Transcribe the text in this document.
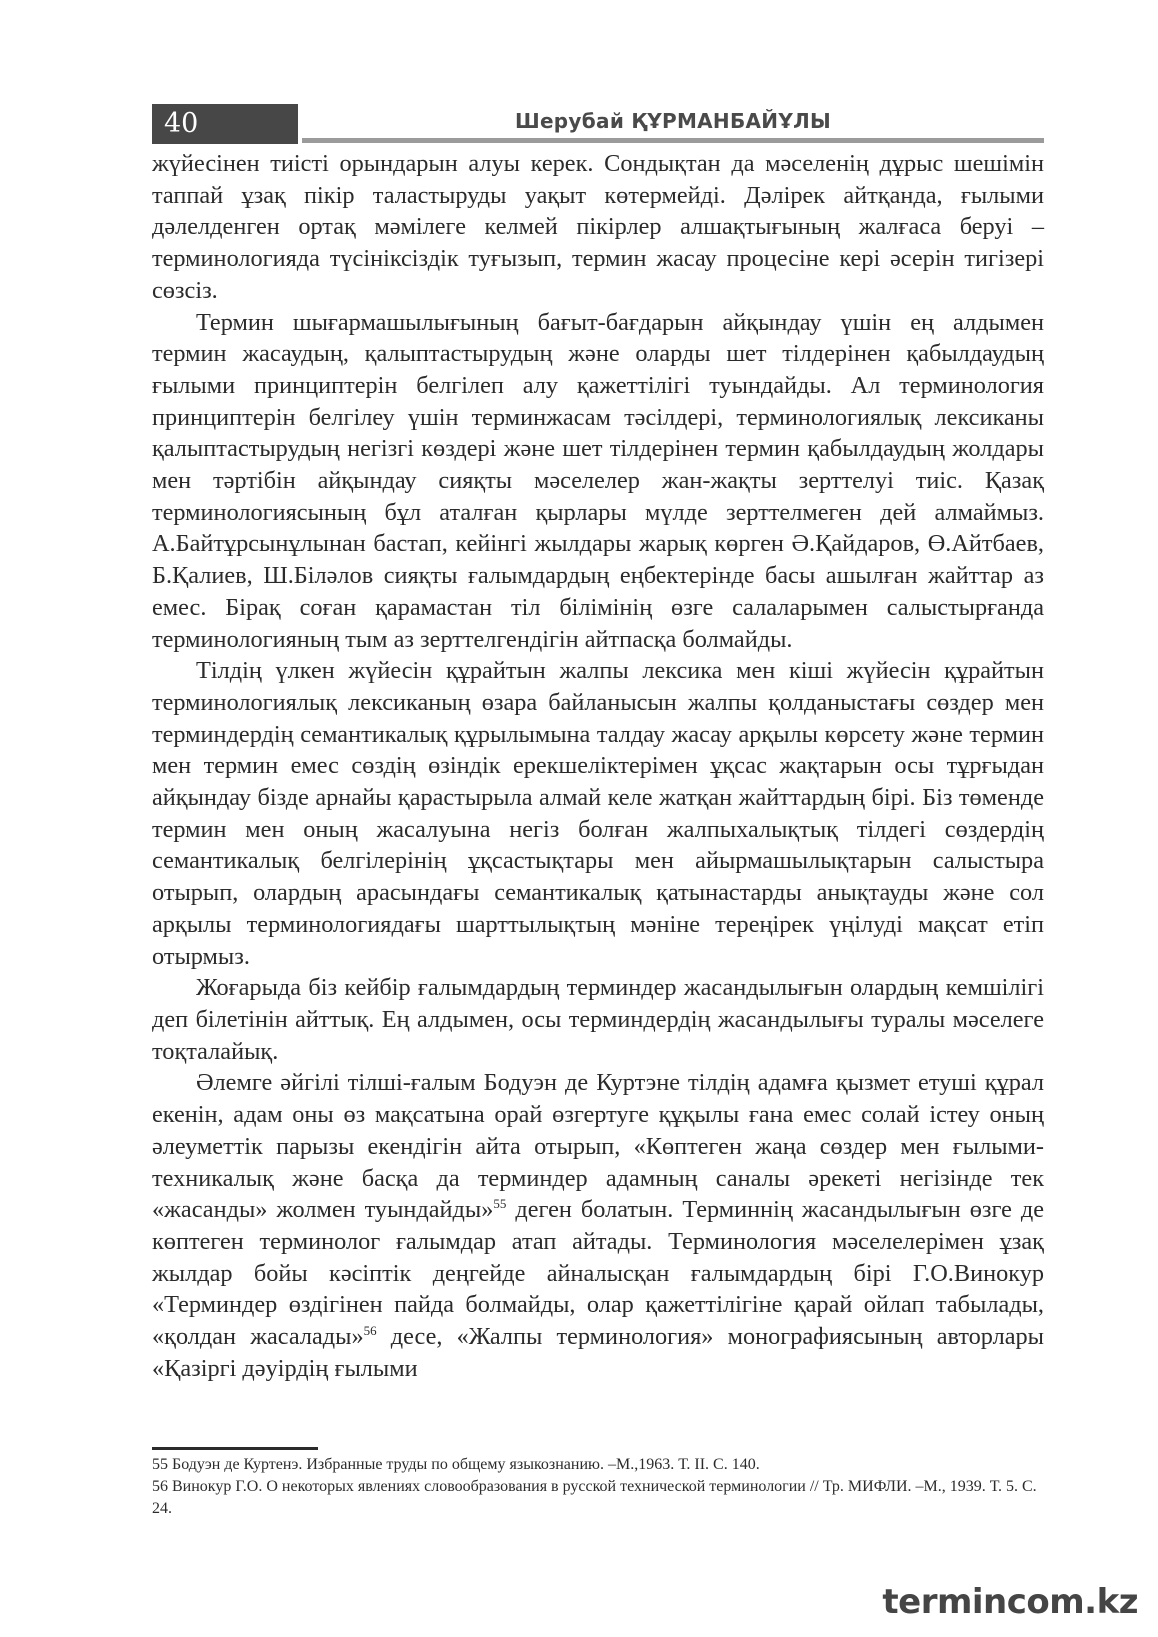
40	Шерубай ҚҰРМАНБАЙҰЛЫ

жүйесінен тиісті орындарын алуы керек. Сондықтан да мәселенің дұрыс шешімін таппай ұзақ пікір таластыруды уақыт көтермейді. Дәлірек айтқанда, ғылыми дәлелденген ортақ мәмілеге келмей пікірлер алшақтығының жалғаса беруі – терминологияда түсініксіздік туғызып, термин жасау процесіне кері әсерін тигізері сөзсіз.

Термин шығармашылығының бағыт-бағдарын айқындау үшін ең алдымен термин жасаудың, қалыптастырудың және оларды шет тілдерінен қабылдаудың ғылыми принциптерін белгілеп алу қажеттілігі туындайды. Ал терминология принциптерін белгілеу үшін терминжасам тәсілдері, терминологиялық лексиканы қалыптастырудың негізгі көздері және шет тілдерінен термин қабылдаудың жолдары мен тәртібін айқындау сияқты мәселелер жан-жақты зерттелуі тиіс. Қазақ терминологиясының бұл аталған қырлары мүлде зерттелмеген дей алмаймыз. А.Байтұрсынұлынан бастап, кейінгі жылдары жарық көрген Ә.Қайдаров, Ө.Айтбаев, Б.Қалиев, Ш.Біләлов сияқты ғалымдардың еңбектерінде басы ашылған жайттар аз емес. Бірақ соған қарамастан тіл білімінің өзге салаларымен салыстырғанда терминологияның тым аз зерттелгендігін айтпасқа болмайды.

Тілдің үлкен жүйесін құрайтын жалпы лексика мен кіші жүйесін құрайтын терминологиялық лексиканың өзара байланысын жалпы қолданыстағы сөздер мен терминдердің семантикалық құрылымына талдау жасау арқылы көрсету және термин мен термин емес сөздің өзіндік ерекшеліктерімен ұқсас жақтарын осы тұрғыдан айқындау бізде арнайы қарастырыла алмай келе жатқан жайттардың бірі. Біз төменде термин мен оның жасалуына негіз болған жалпыхалықтық тілдегі сөздердің семантикалық белгілерінің ұқсастықтары мен айырмашылықтарын салыстыра отырып, олардың арасындағы семантикалық қатынастарды анықтауды және сол арқылы терминологиядағы шарттылықтың мәніне тереңірек үңілуді мақсат етіп отырмыз.

Жоғарыда біз кейбір ғалымдардың терминдер жасандылығын олардың кемшілігі деп білетінін айттық. Ең алдымен, осы терминдердің жасандылығы туралы мәселеге тоқталайық.

Әлемге әйгілі тілші-ғалым Бодуэн де Куртэне тілдің адамға қызмет етуші құрал екенін, адам оны өз мақсатына орай өзгертуге құқылы ғана емес солай істеу оның әлеуметтік парызы екендігін айта отырып, «Көптеген жаңа сөздер мен ғылыми-техникалық және басқа да терминдер адамның саналы әрекеті негізінде тек «жасанды» жолмен туындайды»$^{55}$ деген болатын. Терминнің жасандылығын өзге де көптеген терминолог ғалымдар атап айтады. Терминология мәселелерімен ұзақ жылдар бойы кәсіптік деңгейде айналысқан ғалымдардың бірі Г.О.Винокур «Терминдер өздігінен пайда болмайды, олар қажеттілігіне қарай ойлап табылады, «қолдан жасалады»$^{56}$ десе, «Жалпы терминология» монографиясының авторлары «Қазіргі дәуірдің ғылыми

55 Бодуэн де Куртенэ. Избранные труды по общему языкознанию. –М.,1963. Т. II. С. 140.

56 Винокур Г.О. О некоторых явлениях словообразования в русской технической терминологии // Тр. МИФЛИ. –М., 1939. Т. 5. С. 24.

termincom.kz
